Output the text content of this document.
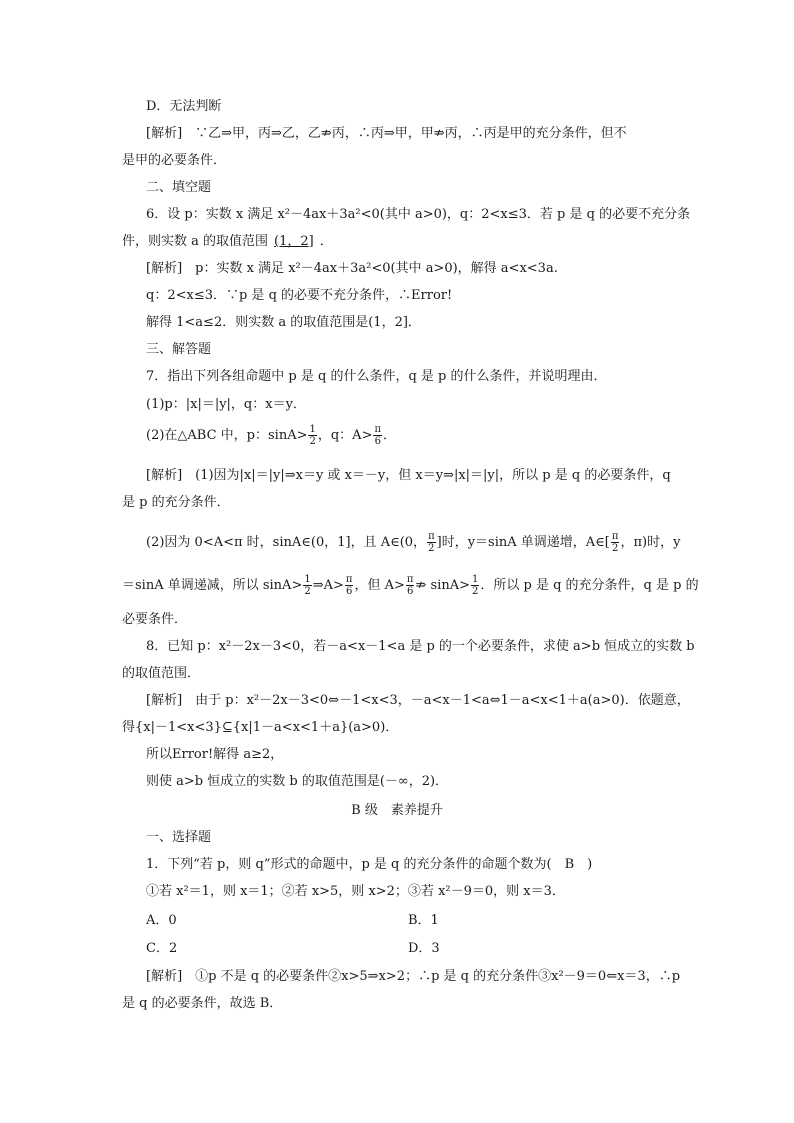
D．无法判断
[解析]　∵乙⇒甲，丙⇒乙，乙⇏丙，∴丙⇒甲，甲⇏丙，∴丙是甲的充分条件，但不
是甲的必要条件．
二、填空题
6．设 p：实数 x 满足 x²－4ax＋3a²<0(其中 a>0)，q：2<x≤3．若 p 是 q 的必要不充分条
件，则实数 a 的取值范围 (1，2] ．
[解析]　p：实数 x 满足 x²－4ax＋3a²<0(其中 a>0)，解得 a<x<3a.
q：2<x≤3．∵p 是 q 的必要不充分条件，∴Error!
解得 1<a≤2．则实数 a 的取值范围是(1，2]．
三、解答题
7．指出下列各组命题中 p 是 q 的什么条件，q 是 p 的什么条件，并说明理由．
(1)p：|x|＝|y|，q：x＝y．
(2)在△ABC 中，p：$\sin A> \frac{1}{2}$ ，q：$A> \frac{\pi}{6}$ ．
[解析]　(1)因为|x|＝|y|⇒x＝y 或 x＝－y，但 x＝y⇒|x|＝|y|，所以 p 是 q 的必要条件，q
是 p 的充分条件．
(2)因为 0<A<π 时，sinA∈(0，1]，且 A∈(0， $\frac{\pi}{2}$ ]时，y＝sinA 单调递增，A∈[ $\frac{\pi}{2}$ ，π)时，y
＝sinA 单调递减，所以 $\sin A> \frac{1}{2}$ ⇒A> $\frac{\pi}{6}$ ，但 $A> \frac{\pi}{6}$ ⇏ $\sin A> \frac{1}{2}$ ．所以 p 是 q 的充分条件，q 是 p 的
必要条件．
8．已知 p：x²－2x－3<0，若－a<x－1<a 是 p 的一个必要条件，求使 a>b 恒成立的实数 b
的取值范围．
[解析]　由于 p：x²－2x－3<0⇔－1<x<3，－a<x－1<a⇔1－a<x<1＋a(a>0)．依题意，
得{x|－1<x<3}⊆{x|1－a<x<1＋a}(a>0)．
所以Error!解得 a≥2，
则使 a>b 恒成立的实数 b 的取值范围是(－∞，2)．
B 级　素养提升
一、选择题
1．下列“若 p，则 q”形式的命题中，p 是 q 的充分条件的命题个数为(　B　)
①若 x²＝1，则 x＝1；②若 x>5，则 x>2；③若 x²－9＝0，则 x＝3．
A．0	B．1
C．2	D．3
[解析]　①p 不是 q 的必要条件②x>5⇒x>2；∴p 是 q 的充分条件③x²－9＝0⇐x＝3，∴p
是 q 的必要条件，故选 B．
